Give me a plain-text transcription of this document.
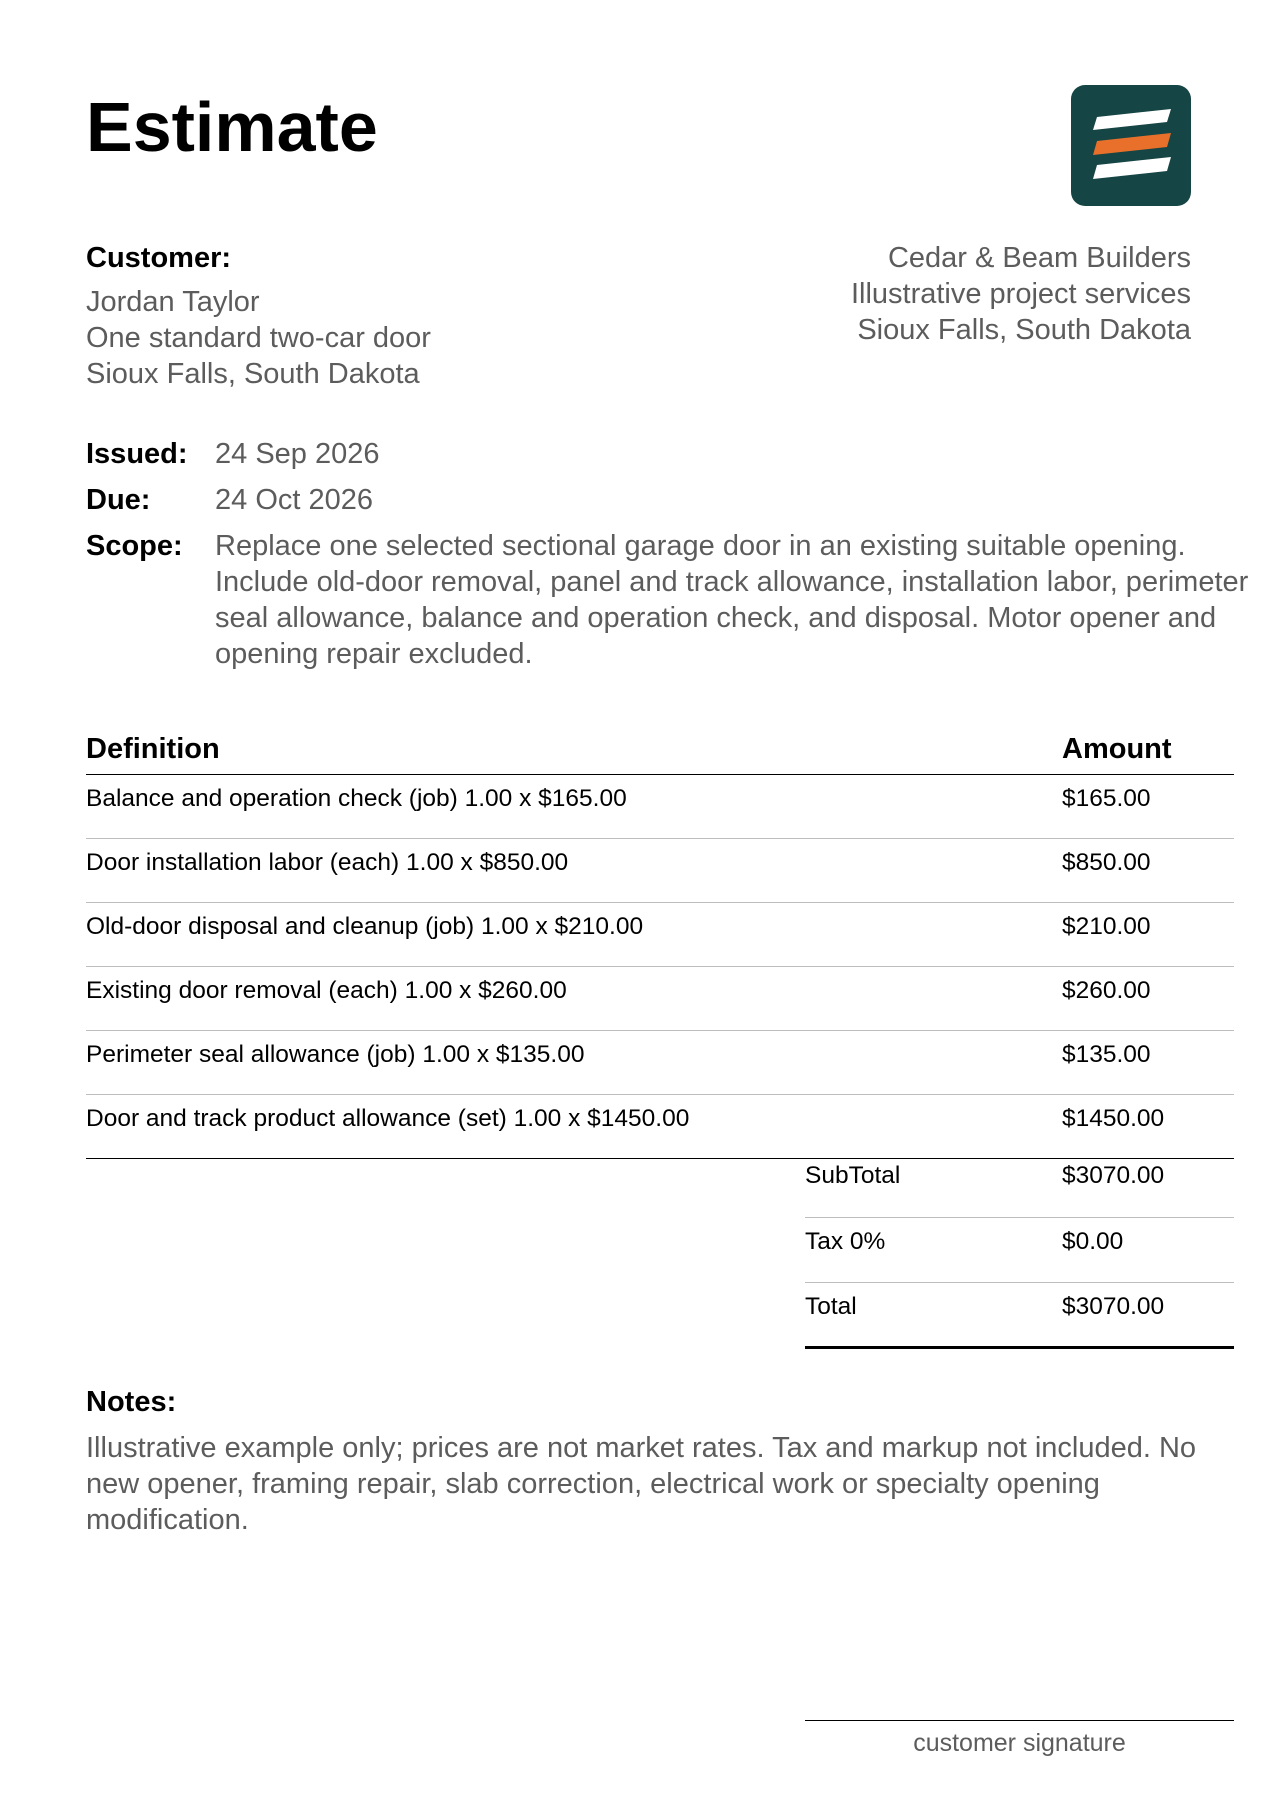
Estimate
Customer:
Jordan Taylor
One standard two-car door
Sioux Falls, South Dakota
Cedar & Beam Builders
Illustrative project services
Sioux Falls, South Dakota
Issued: 24 Sep 2026
Due: 24 Oct 2026
Scope: Replace one selected sectional garage door in an existing suitable opening. Include old-door removal, panel and track allowance, installation labor, perimeter seal allowance, balance and operation check, and disposal. Motor opener and opening repair excluded.
Definition	Amount
Balance and operation check (job) 1.00 x $165.00	$165.00
Door installation labor (each) 1.00 x $850.00	$850.00
Old-door disposal and cleanup (job) 1.00 x $210.00	$210.00
Existing door removal (each) 1.00 x $260.00	$260.00
Perimeter seal allowance (job) 1.00 x $135.00	$135.00
Door and track product allowance (set) 1.00 x $1450.00	$1450.00
SubTotal	$3070.00
Tax 0%	$0.00
Total	$3070.00
Notes:
Illustrative example only; prices are not market rates. Tax and markup not included. No new opener, framing repair, slab correction, electrical work or specialty opening modification.
customer signature
